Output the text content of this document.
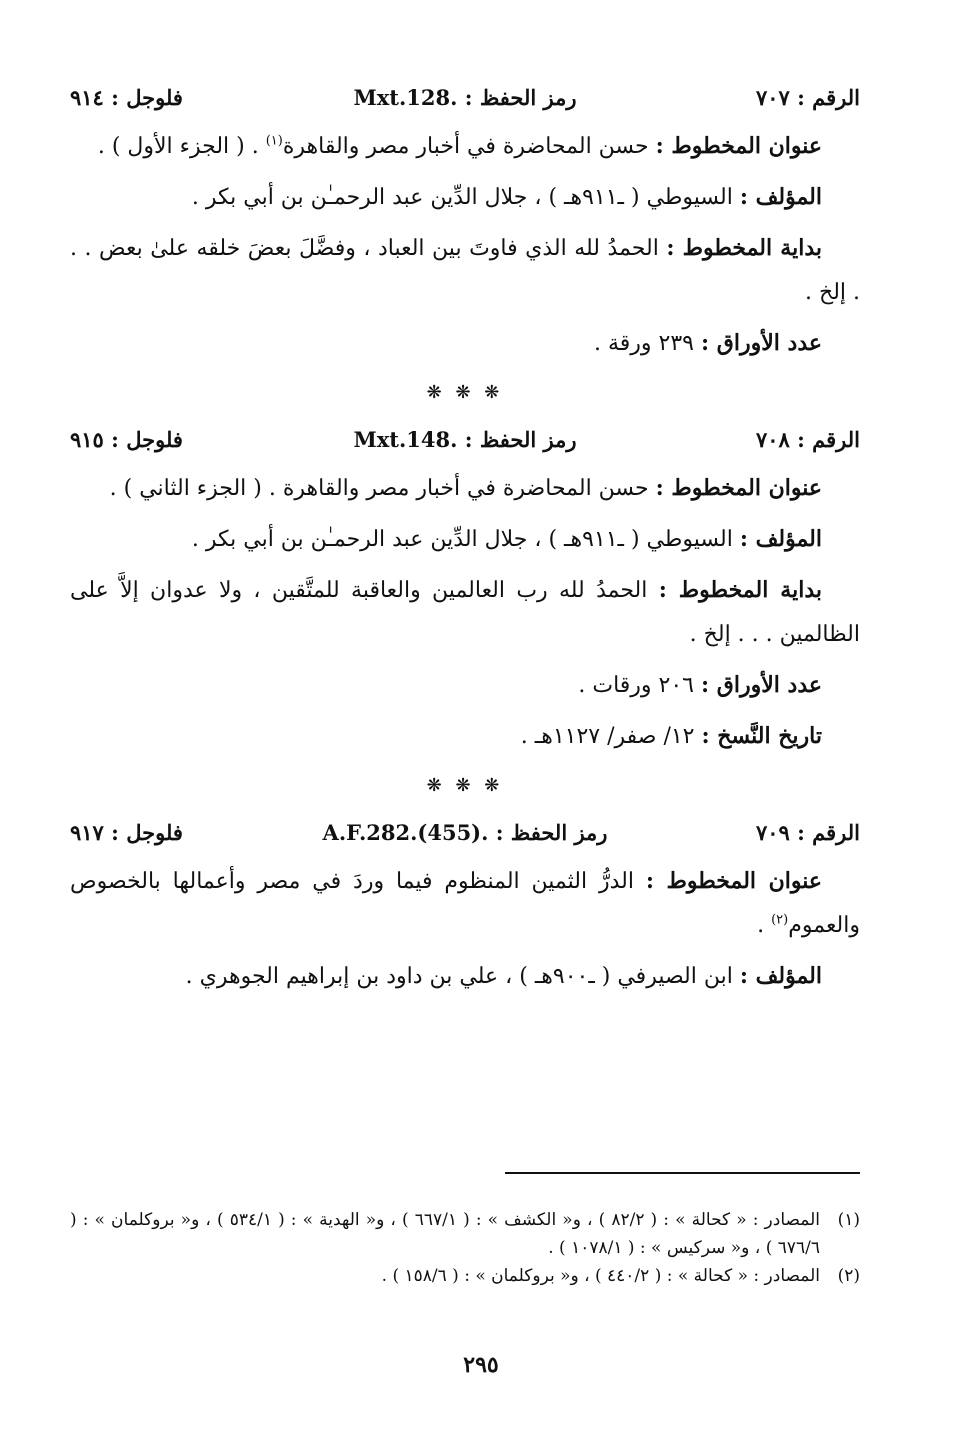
الرقم : ٧٠٧
رمز الحفظ : .Mxt.128
فلوجل : ٩١٤
عنوان المخطوط : حسن المحاضرة في أخبار مصر والقاهرة$^{(١)}$ . ( الجزء الأول ) .
المؤلف : السيوطي ( ـ٩١١هـ ) ، جلال الدِّين عبد الرحمـٰن بن أبي بكر .
بداية المخطوط : الحمدُ لله الذي فاوتَ بين العباد ، وفضَّلَ بعضَ خلقه علىٰ بعض . . . إلخ .
عدد الأوراق : ٢٣٩ ورقة .
❋ ❋ ❋
الرقم : ٧٠٨
رمز الحفظ : .Mxt.148
فلوجل : ٩١٥
عنوان المخطوط : حسن المحاضرة في أخبار مصر والقاهرة . ( الجزء الثاني ) .
المؤلف : السيوطي ( ـ٩١١هـ ) ، جلال الدِّين عبد الرحمـٰن بن أبي بكر .
بداية المخطوط : الحمدُ لله رب العالمين والعاقبة للمتَّقين ، ولا عدوان إلاَّ على الظالمين . . . إلخ .
عدد الأوراق : ٢٠٦ ورقات .
تاريخ النَّسخ : ١٢/ صفر/ ١١٢٧هـ .
❋ ❋ ❋
الرقم : ٧٠٩
رمز الحفظ : .A.F.282.(455)
فلوجل : ٩١٧
عنوان المخطوط : الدرُّ الثمين المنظوم فيما وردَ في مصر وأعمالها بالخصوص والعموم$^{(٢)}$ .
المؤلف : ابن الصيرفي ( ـ٩٠٠هـ ) ، علي بن داود بن إبراهيم الجوهري .
(١)
المصادر : « كحالة » : ( ٨٢/٢ ) ، و« الكشف » : ( ٦٦٧/١ ) ، و« الهدية » : ( ٥٣٤/١ ) ، و« بروكلمان » : ( ٦٧٦/٦ ) ، و« سركيس » : ( ١٠٧٨/١ ) .
(٢)
المصادر : « كحالة » : ( ٤٤٠/٢ ) ، و« بروكلمان » : ( ١٥٨/٦ ) .
٢٩٥
